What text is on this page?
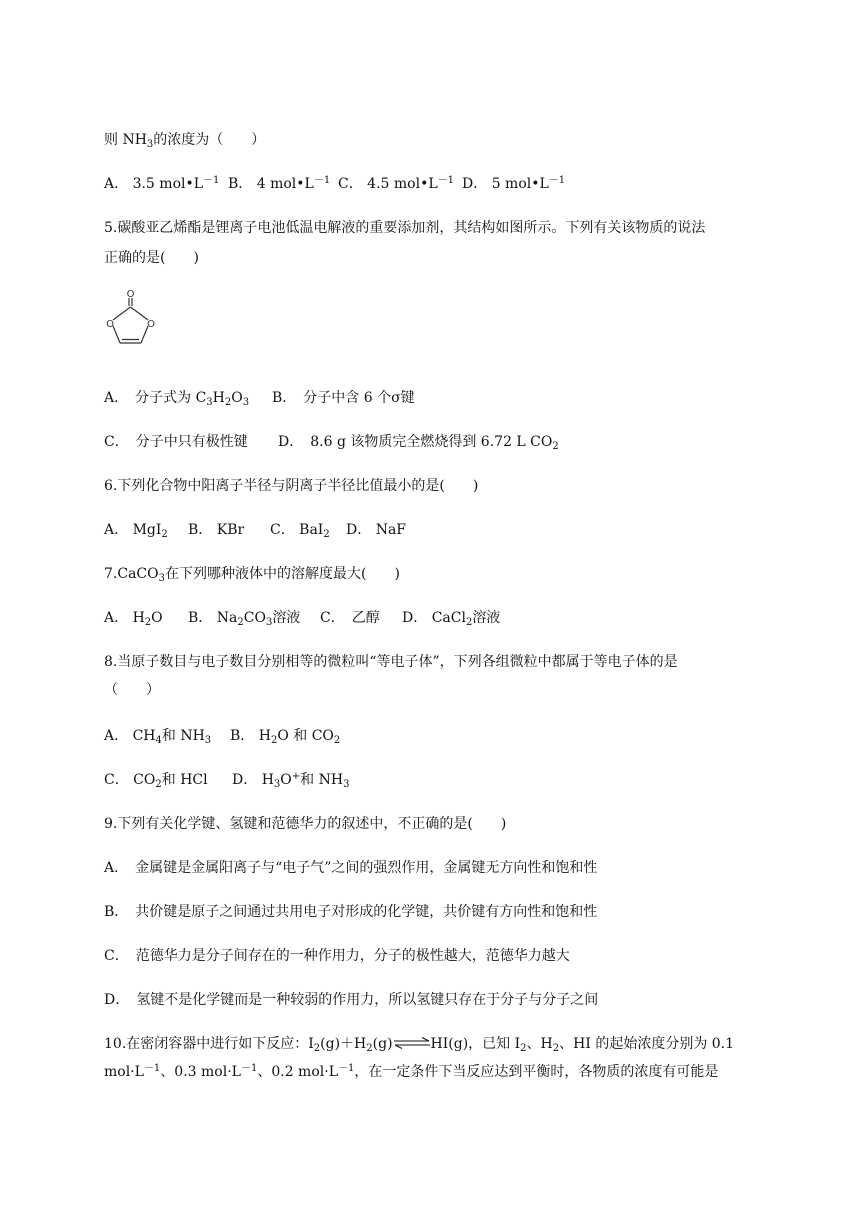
则 $NH_3$的浓度为（　　）
A． 3.5 $mol•L^{-1}$ B． 4 $mol•L^{-1}$ C． 4.5 $mol•L^{-1}$ D． 5 $mol•L^{-1}$
5.碳酸亚乙烯酯是锂离子电池低温电解液的重要添加剂，其结构如图所示。下列有关该物质的说法
正确的是(　　)
O
O	O
A．　 分子式为 $C_3H_2O_3$ B．　分子中含 6 个σ键
C．　分子中只有极性键 D．　 8.6 g 该物质完全燃烧得到 6.72 L $CO_2$
6.下列化合物中阳离子半径与阴离子半径比值最小的是(　　)
A． MgI$_2$ B． KBr C． BaI$_2$ D． NaF
7.CaCO$_3$在下列哪种液体中的溶解度最大(　　)
A． $H_2O$ B． $Na_2CO_3$溶液 C．　乙醇 D． CaCl$_2$溶液
8.当原子数目与电子数目分别相等的微粒叫“等电子体”，下列各组微粒中都属于等电子体的是
（　　）
A． $CH_4$和 $NH_3$ B． $H_2O$ 和 $CO_2$
C． $CO_2$和 HCl D． $H_3O^+$和 $NH_3$
9.下列有关化学键、氢键和范德华力的叙述中，不正确的是(　　)
A．　金属键是金属阳离子与“电子气”之间的强烈作用，金属键无方向性和饱和性
B．　共价键是原子之间通过共用电子对形成的化学键，共价键有方向性和饱和性
C．　范德华力是分子间存在的一种作用力，分子的极性越大，范德华力越大
D．　氢键不是化学键而是一种较弱的作用力，所以氢键只存在于分子与分子之间
10.在密闭容器中进行如下反应：$I_2(g)+H_2(g)\rightleftharpoons HI(g)$，已知 $I_2$、$H_2$、HI 的起始浓度分别为 0.1
$mol\cdot L^{-1}$、0.3 $mol\cdot L^{-1}$、0.2 $mol\cdot L^{-1}$，在一定条件下当反应达到平衡时，各物质的浓度有可能是
